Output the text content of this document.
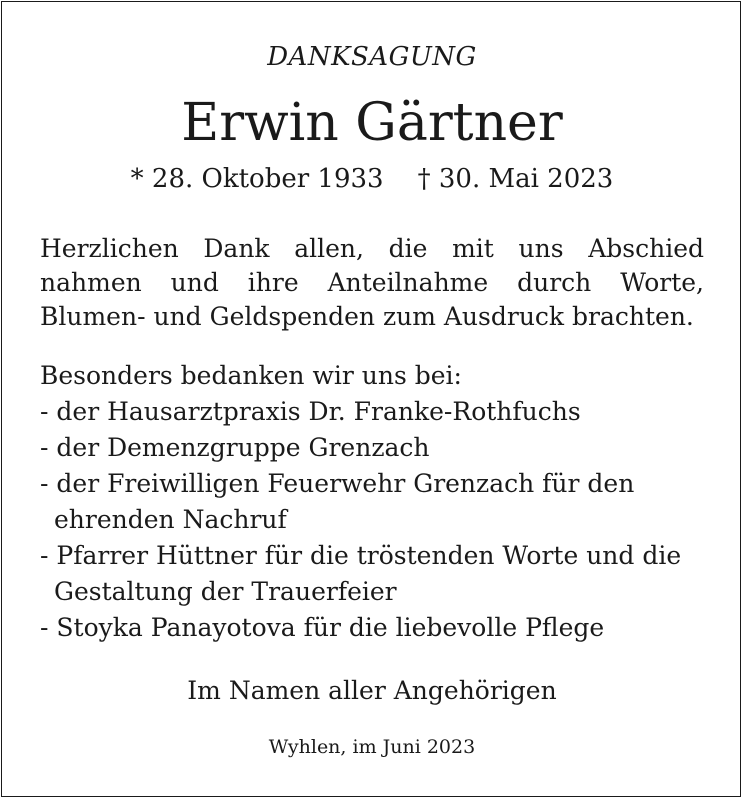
DANKSAGUNG
Erwin Gärtner
* 28. Oktober 1933 † 30. Mai 2023
Herzlichen Dank allen, die mit uns Abschied
nahmen und ihre Anteilnahme durch Worte,
Blumen- und Geldspenden zum Ausdruck brachten.
Besonders bedanken wir uns bei:
- der Hausarztpraxis Dr. Franke-Rothfuchs
- der Demenzgruppe Grenzach
- der Freiwilligen Feuerwehr Grenzach für den
ehrenden Nachruf
- Pfarrer Hüttner für die tröstenden Worte und die
Gestaltung der Trauerfeier
- Stoyka Panayotova für die liebevolle Pflege
Im Namen aller Angehörigen
Wyhlen, im Juni 2023
